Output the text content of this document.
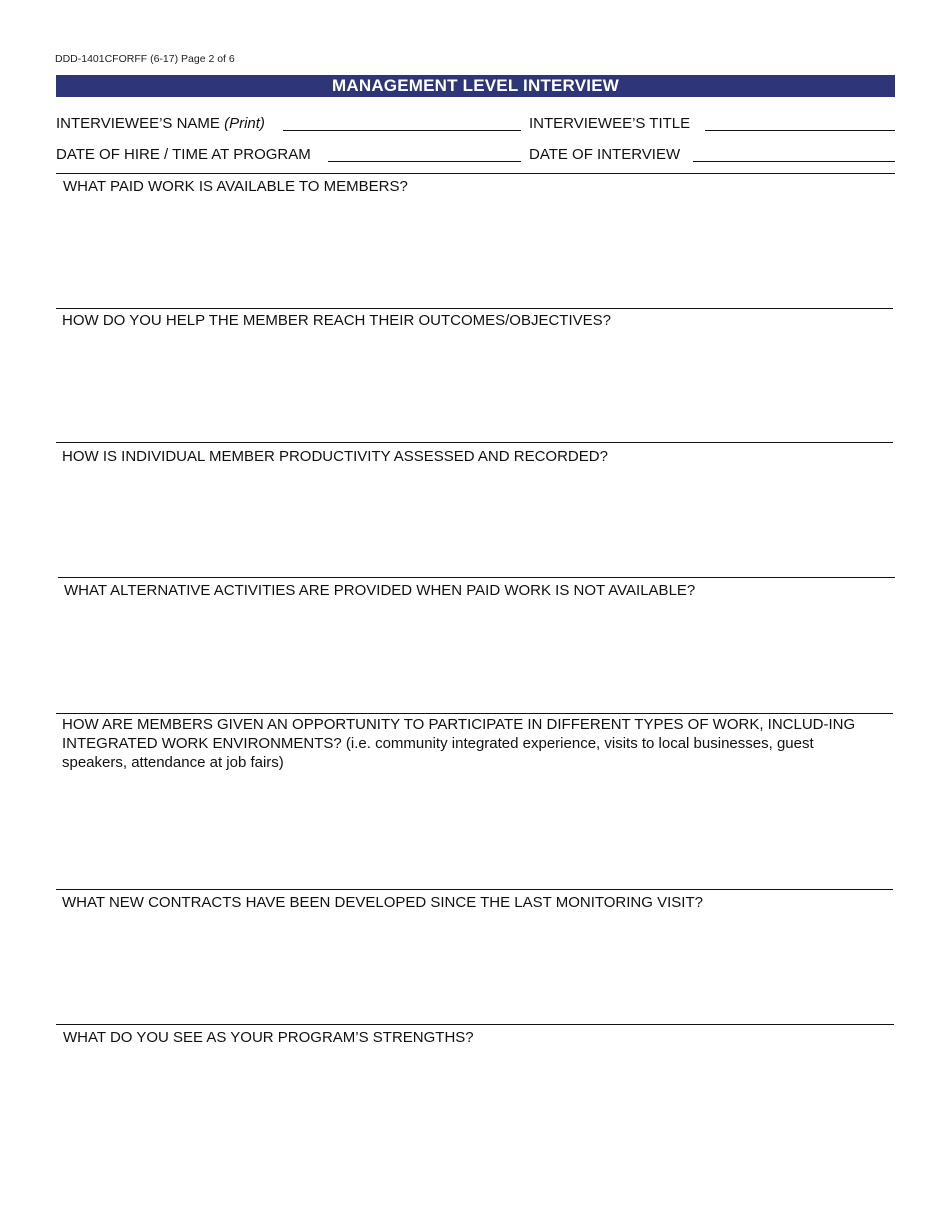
DDD-1401CFORFF (6-17) Page 2 of 6
MANAGEMENT LEVEL INTERVIEW
INTERVIEWEE’S NAME (Print)	INTERVIEWEE’S TITLE
DATE OF HIRE / TIME AT PROGRAM	DATE OF INTERVIEW
WHAT PAID WORK IS AVAILABLE TO MEMBERS?
HOW DO YOU HELP THE MEMBER REACH THEIR OUTCOMES/OBJECTIVES?
HOW IS INDIVIDUAL MEMBER PRODUCTIVITY ASSESSED AND RECORDED?
WHAT ALTERNATIVE ACTIVITIES ARE PROVIDED WHEN PAID WORK IS NOT AVAILABLE?
HOW ARE MEMBERS GIVEN AN OPPORTUNITY TO PARTICIPATE IN DIFFERENT TYPES OF WORK, INCLUD-ING INTEGRATED WORK ENVIRONMENTS? (i.e. community integrated experience, visits to local businesses, guest speakers, attendance at job fairs)
WHAT NEW CONTRACTS HAVE BEEN DEVELOPED SINCE THE LAST MONITORING VISIT?
WHAT DO YOU SEE AS YOUR PROGRAM’S STRENGTHS?
